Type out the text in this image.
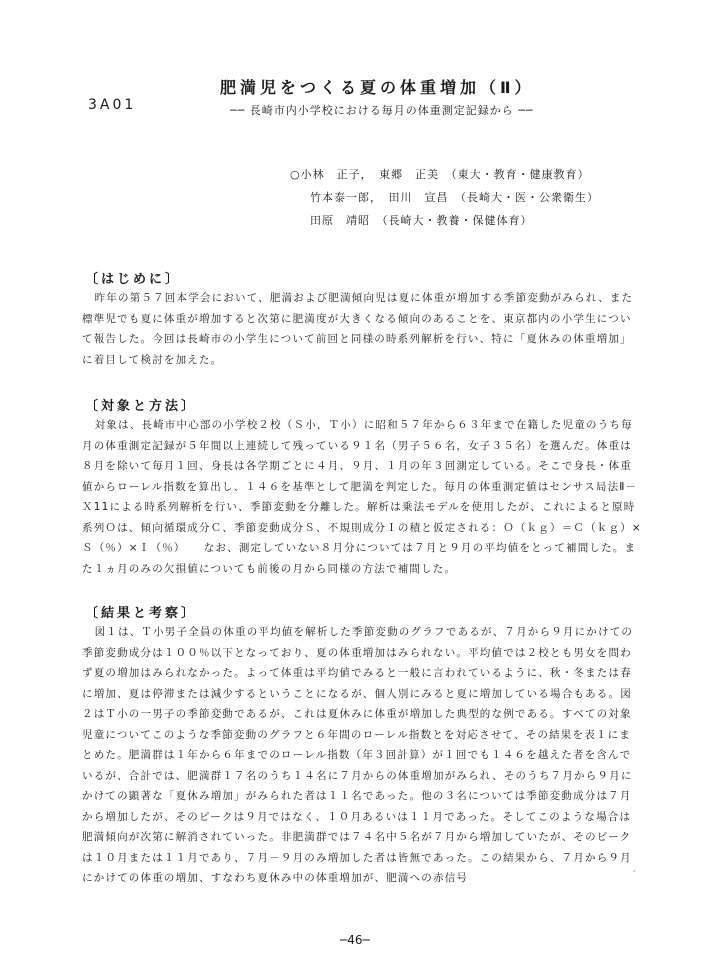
3A01
肥満児をつくる夏の体重増加（Ⅱ）
── 長崎市内小学校における毎月の体重測定記録から ──
○小林　正子，　東郷　正美　（東大・教育・健康教育）
竹本泰一郎，　田川　宣昌　（長崎大・医・公衆衛生）
田原　靖昭　（長崎大・教養・保健体育）
〔はじめに〕

昨年の第５７回本学会において、肥満および肥満傾向児は夏に体重が増加する季節変動がみられ、また標準児でも夏に体重が増加すると次第に肥満度が大きくなる傾向のあることを、東京都内の小学生について報告した。今回は長崎市の小学生について前回と同様の時系列解析を行い、特に「夏休みの体重増加」に着目して検討を加えた。

〔対象と方法〕

対象は、長崎市中心部の小学校２校（Ｓ小，Ｔ小）に昭和５７年から６３年まで在籍した児童のうち毎月の体重測定記録が５年間以上連続して残っている９１名（男子５６名，女子３５名）を選んだ。体重は８月を除いて毎月１回、身長は各学期ごとに４月、９月、１月の年３回測定している。そこで身長・体重値からローレル指数を算出し、１４６を基準として肥満を判定した。毎月の体重測定値はセンサス局法Ⅱ－Ｘ11による時系列解析を行い、季節変動を分離した。解析は乗法モデルを使用したが、これによると原時系列Ｏは、傾向循環成分Ｃ、季節変動成分Ｓ、不規則成分Ｉの積と仮定される：Ｏ（ｋｇ）＝Ｃ（ｋｇ）×Ｓ（％）×Ｉ（％）　　なお、測定していない８月分については７月と９月の平均値をとって補間した。また１ヵ月のみの欠損値についても前後の月から同様の方法で補間した。

〔結果と考察〕

図１は、Ｔ小男子全員の体重の平均値を解析した季節変動のグラフであるが、７月から９月にかけての季節変動成分は１００％以下となっており、夏の体重増加はみられない。平均値では２校とも男女を問わず夏の増加はみられなかった。よって体重は平均値でみると一般に言われているように、秋・冬または春に増加、夏は停滞または減少するということになるが、個人別にみると夏に増加している場合もある。図２はＴ小の一男子の季節変動であるが、これは夏休みに体重が増加した典型的な例である。すべての対象児童についてこのような季節変動のグラフと６年間のローレル指数とを対応させて、その結果を表１にまとめた。肥満群は１年から６年までのローレル指数（年３回計算）が１回でも１４６を越えた者を含んでいるが、合計では、肥満群１７名のうち１４名に７月からの体重増加がみられ、そのうち７月から９月にかけての顕著な「夏休み増加」がみられた者は１１名であった。他の３名については季節変動成分は７月から増加したが、そのピークは９月ではなく、１０月あるいは１１月であった。そしてこのような場合は肥満傾向が次第に解消されていった。非肥満群では７４名中５名が７月から増加していたが、そのピークは１０月または１１月であり、７月－９月のみ増加した者は皆無であった。この結果から、７月から９月にかけての体重の増加、すなわち夏休み中の体重増加が、肥満への赤信号

‹
─46─
